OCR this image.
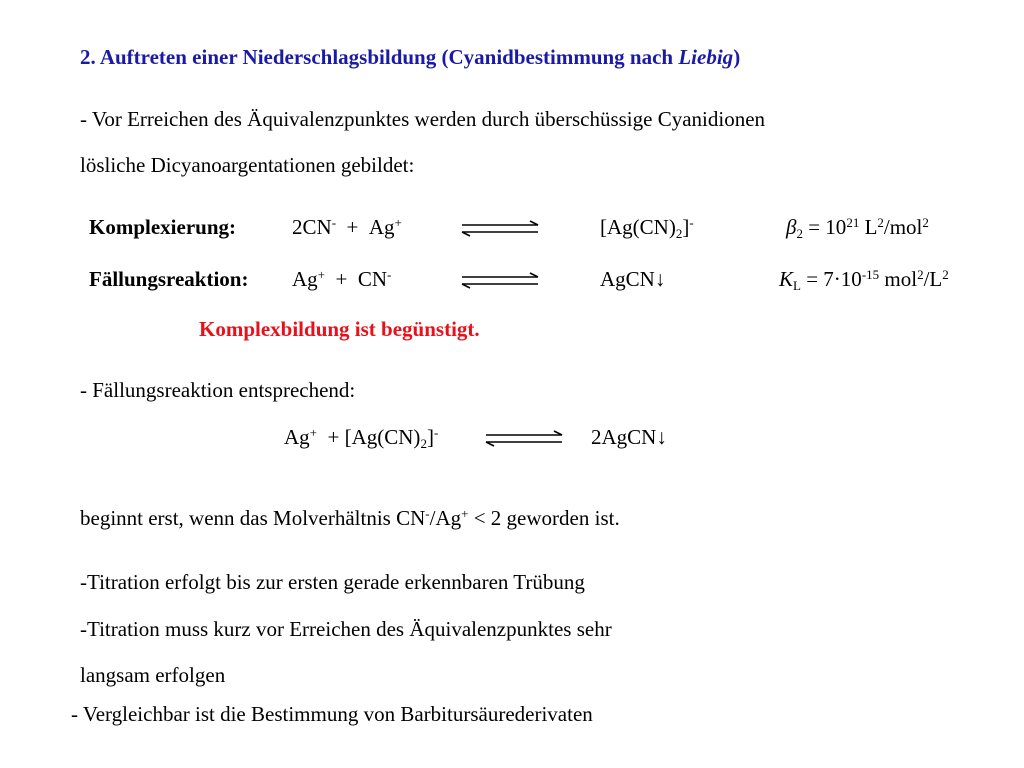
2. Auftreten einer Niederschlagsbildung (Cyanidbestimmung nach Liebig)
- Vor Erreichen des Äquivalenzpunktes werden durch überschüssige Cyanidionen
lösliche Dicyanoargentationen gebildet:
Komplexierung:	2CN- + Ag+	$[Ag(CN)_2]^-$	$\beta_2 = 10^{21}$ $L^2/mol^2$
Fällungsreaktion: Ag+ + CN-	AgCN↓	$K_L = 7\cdot 10^{-15}$ $mol^2/L^2$
Komplexbildung ist begünstigt.
- Fällungsreaktion entsprechend:
$Ag^+ + [Ag(CN)_2]^-$	2AgCN↓
beginnt erst, wenn das Molverhältnis CN-/Ag+ < 2 geworden ist.
-Titration erfolgt bis zur ersten gerade erkennbaren Trübung
-Titration muss kurz vor Erreichen des Äquivalenzpunktes sehr
langsam erfolgen
- Vergleichbar ist die Bestimmung von Barbitursäurederivaten
